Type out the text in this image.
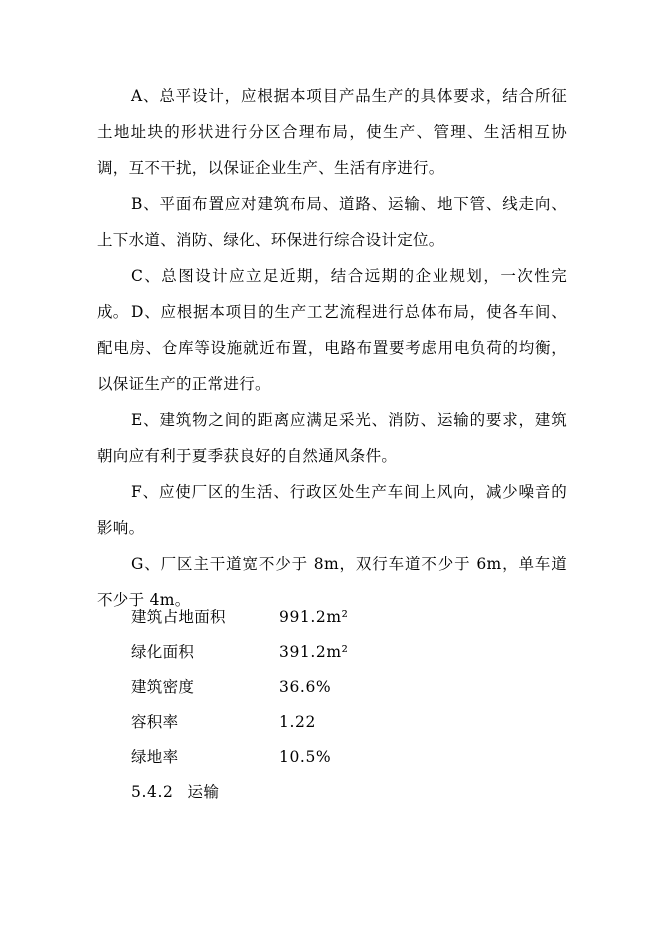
A、总平设计，应根据本项目产品生产的具体要求，结合所征土地址块的形状进行分区合理布局，使生产、管理、生活相互协调，互不干扰，以保证企业生产、生活有序进行。

B、平面布置应对建筑布局、道路、运输、地下管、线走向、上下水道、消防、绿化、环保进行综合设计定位。

C、总图设计应立足近期，结合远期的企业规划，一次性完成。 D、应根据本项目的生产工艺流程进行总体布局，使各车间、配电房、仓库等设施就近布置，电路布置要考虑用电负荷的均衡，以保证生产的正常进行。

E、建筑物之间的距离应满足采光、消防、运输的要求，建筑朝向应有利于夏季获良好的自然通风条件。

F、应使厂区的生活、行政区处生产车间上风向，减少噪音的影响。

G、厂区主干道宽不少于 8m，双行车道不少于 6m，单车道不少于 4m。

建筑占地面积	991.2m²
绿化面积	391.2m²
建筑密度	36.6%
容积率	1.22
绿地率	10.5%
5.4.2 运输
